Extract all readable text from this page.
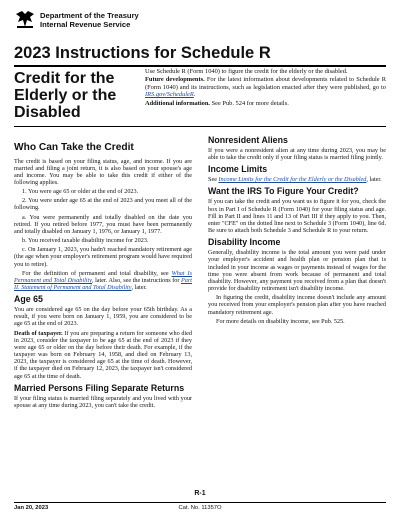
Department of the Treasury
Internal Revenue Service
2023 Instructions for Schedule R
Credit for the Elderly or the Disabled

Use Schedule R (Form 1040) to figure the credit for the elderly or the disabled.

Future developments. For the latest information about developments related to Schedule R (Form 1040) and its instructions, such as legislation enacted after they were published, go to IRS.gov/ScheduleR.

Additional information. See Pub. 524 for more details.

Who Can Take the Credit

The credit is based on your filing status, age, and income. If you are married and filing a joint return, it is also based on your spouse's age and income. You may be able to take this credit if either of the following applies.

1. You were age 65 or older at the end of 2023.

2. You were under age 65 at the end of 2023 and you meet all of the following.

a. You were permanently and totally disabled on the date you retired. If you retired before 1977, you must have been permanently and totally disabled on January 1, 1976, or January 1, 1977.

b. You received taxable disability income for 2023.

c. On January 1, 2023, you hadn't reached mandatory retirement age (the age when your employer's retirement program would have required you to retire).

For the definition of permanent and total disability, see What Is Permanent and Total Disability, later. Also, see the instructions for Part II. Statement of Permanent and Total Disability, later.

Age 65

You are considered age 65 on the day before your 65th birthday. As a result, if you were born on January 1, 1959, you are considered to be age 65 at the end of 2023.

Death of taxpayer. If you are preparing a return for someone who died in 2023, consider the taxpayer to be age 65 at the end of 2023 if they were age 65 or older on the day before their death. For example, if the taxpayer was born on February 14, 1958, and died on February 13, 2023, the taxpayer is considered age 65 at the time of death. However, if the taxpayer died on February 12, 2023, the taxpayer isn't considered age 65 at the time of death.

Married Persons Filing Separate Returns

If your filing status is married filing separately and you lived with your spouse at any time during 2023, you can't take the credit.

Nonresident Aliens

If you were a nonresident alien at any time during 2023, you may be able to take the credit only if your filing status is married filing jointly.

Income Limits

See Income Limits for the Credit for the Elderly or the Disabled, later.

Want the IRS To Figure Your Credit?

If you can take the credit and you want us to figure it for you, check the box in Part I of Schedule R (Form 1040) for your filing status and age. Fill in Part II and lines 11 and 13 of Part III if they apply to you. Then, enter "CFE" on the dotted line next to Schedule 3 (Form 1040), line 6d. Be sure to attach both Schedule 3 and Schedule R to your return.

Disability Income

Generally, disability income is the total amount you were paid under your employer's accident and health plan or pension plan that is included in your income as wages or payments instead of wages for the time you were absent from work because of permanent and total disability. However, any payment you received from a plan that doesn't provide for disability retirement isn't disability income.

In figuring the credit, disability income doesn't include any amount you received from your employer's pension plan after you have reached mandatory retirement age.

For more details on disability income, see Pub. 525.

R-1
Jan 20, 2023	Cat. No. 11357O
